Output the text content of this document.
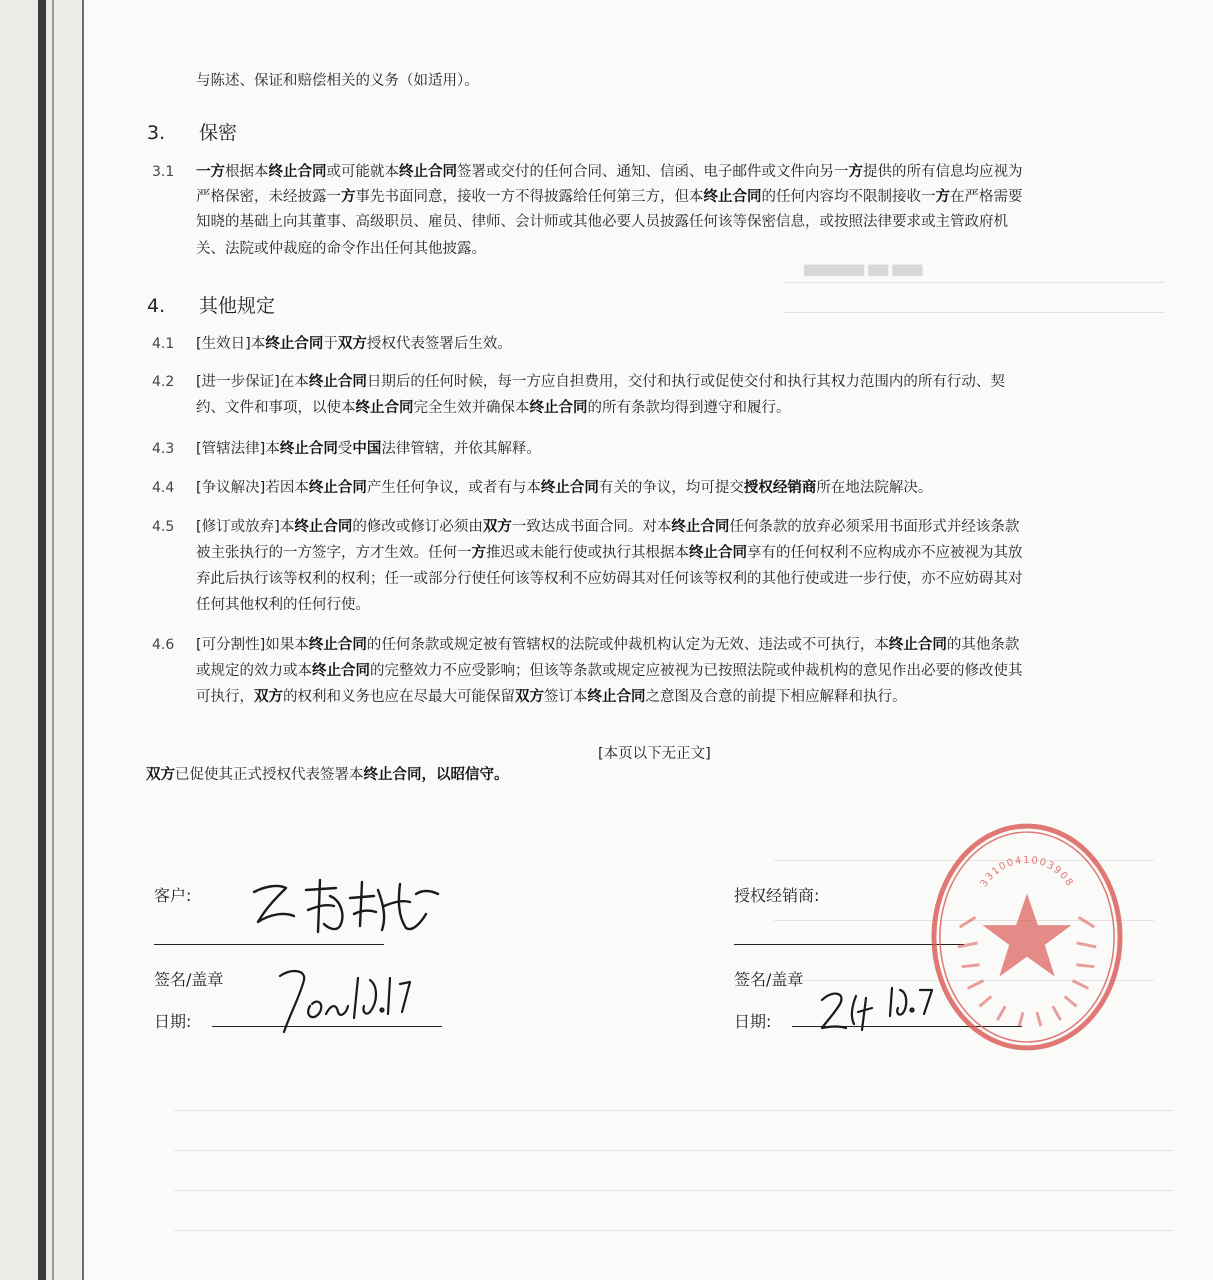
▆▆▆▆▆▆ ▆▆ ▆▆▆
与陈述、保证和赔偿相关的义务（如适用）。
3. 保密
3.1 一方根据本终止合同或可能就本终止合同签署或交付的任何合同、通知、信函、电子邮件或文件向另一方提供的所有信息均应视为
严格保密，未经披露一方事先书面同意，接收一方不得披露给任何第三方，但本终止合同的任何内容均不限制接收一方在严格需要
知晓的基础上向其董事、高级职员、雇员、律师、会计师或其他必要人员披露任何该等保密信息，或按照法律要求或主管政府机
关、法院或仲裁庭的命令作出任何其他披露。
4. 其他规定
4.1 [生效日]本终止合同于双方授权代表签署后生效。
4.2 [进一步保证]在本终止合同日期后的任何时候，每一方应自担费用，交付和执行或促使交付和执行其权力范围内的所有行动、契
约、文件和事项，以使本终止合同完全生效并确保本终止合同的所有条款均得到遵守和履行。
4.3 [管辖法律]本终止合同受中国法律管辖，并依其解释。
4.4 [争议解决]若因本终止合同产生任何争议，或者有与本终止合同有关的争议，均可提交授权经销商所在地法院解决。
4.5 [修订或放弃]本终止合同的修改或修订必须由双方一致达成书面合同。对本终止合同任何条款的放弃必须采用书面形式并经该条款
被主张执行的一方签字，方才生效。任何一方推迟或未能行使或执行其根据本终止合同享有的任何权利不应构成亦不应被视为其放
弃此后执行该等权利的权利；任一或部分行使任何该等权利不应妨碍其对任何该等权利的其他行使或进一步行使，亦不应妨碍其对
任何其他权利的任何行使。
4.6 [可分割性]如果本终止合同的任何条款或规定被有管辖权的法院或仲裁机构认定为无效、违法或不可执行，本终止合同的其他条款
或规定的效力或本终止合同的完整效力不应受影响；但该等条款或规定应被视为已按照法院或仲裁机构的意见作出必要的修改使其
可执行，双方的权利和义务也应在尽最大可能保留双方签订本终止合同之意图及合意的前提下相应解释和执行。
[本页以下无正文]
双方已促使其正式授权代表签署本终止合同，以昭信守。
客户:
签名/盖章
日期:
授权经销商:
签名/盖章
日期:
3310041003908
